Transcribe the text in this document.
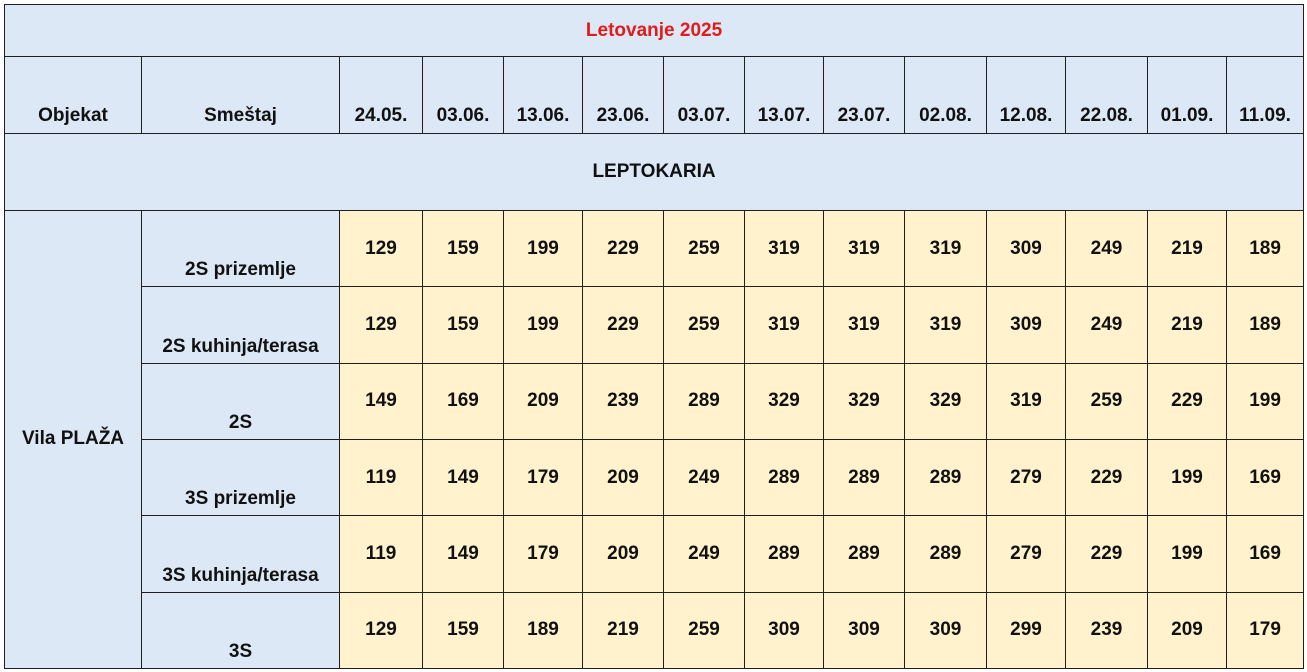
Letovanje 2025													
Objekat	Smeštaj	24.05.	03.06.	13.06.	23.06.	03.07.	13.07.	23.07.	02.08.	12.08.	22.08.	01.09.	11.09.
LEPTOKARIA													
Vila PLAŽA	2S prizemlje	129	159	199	229	259	319	319	319	309	249	219	189
	2S kuhinja/terasa	129	159	199	229	259	319	319	319	309	249	219	189
	2S	149	169	209	239	289	329	329	329	319	259	229	199
	3S prizemlje	119	149	179	209	249	289	289	289	279	229	199	169
	3S kuhinja/terasa	119	149	179	209	249	289	289	289	279	229	199	169
	3S	129	159	189	219	259	309	309	309	299	239	209	179
